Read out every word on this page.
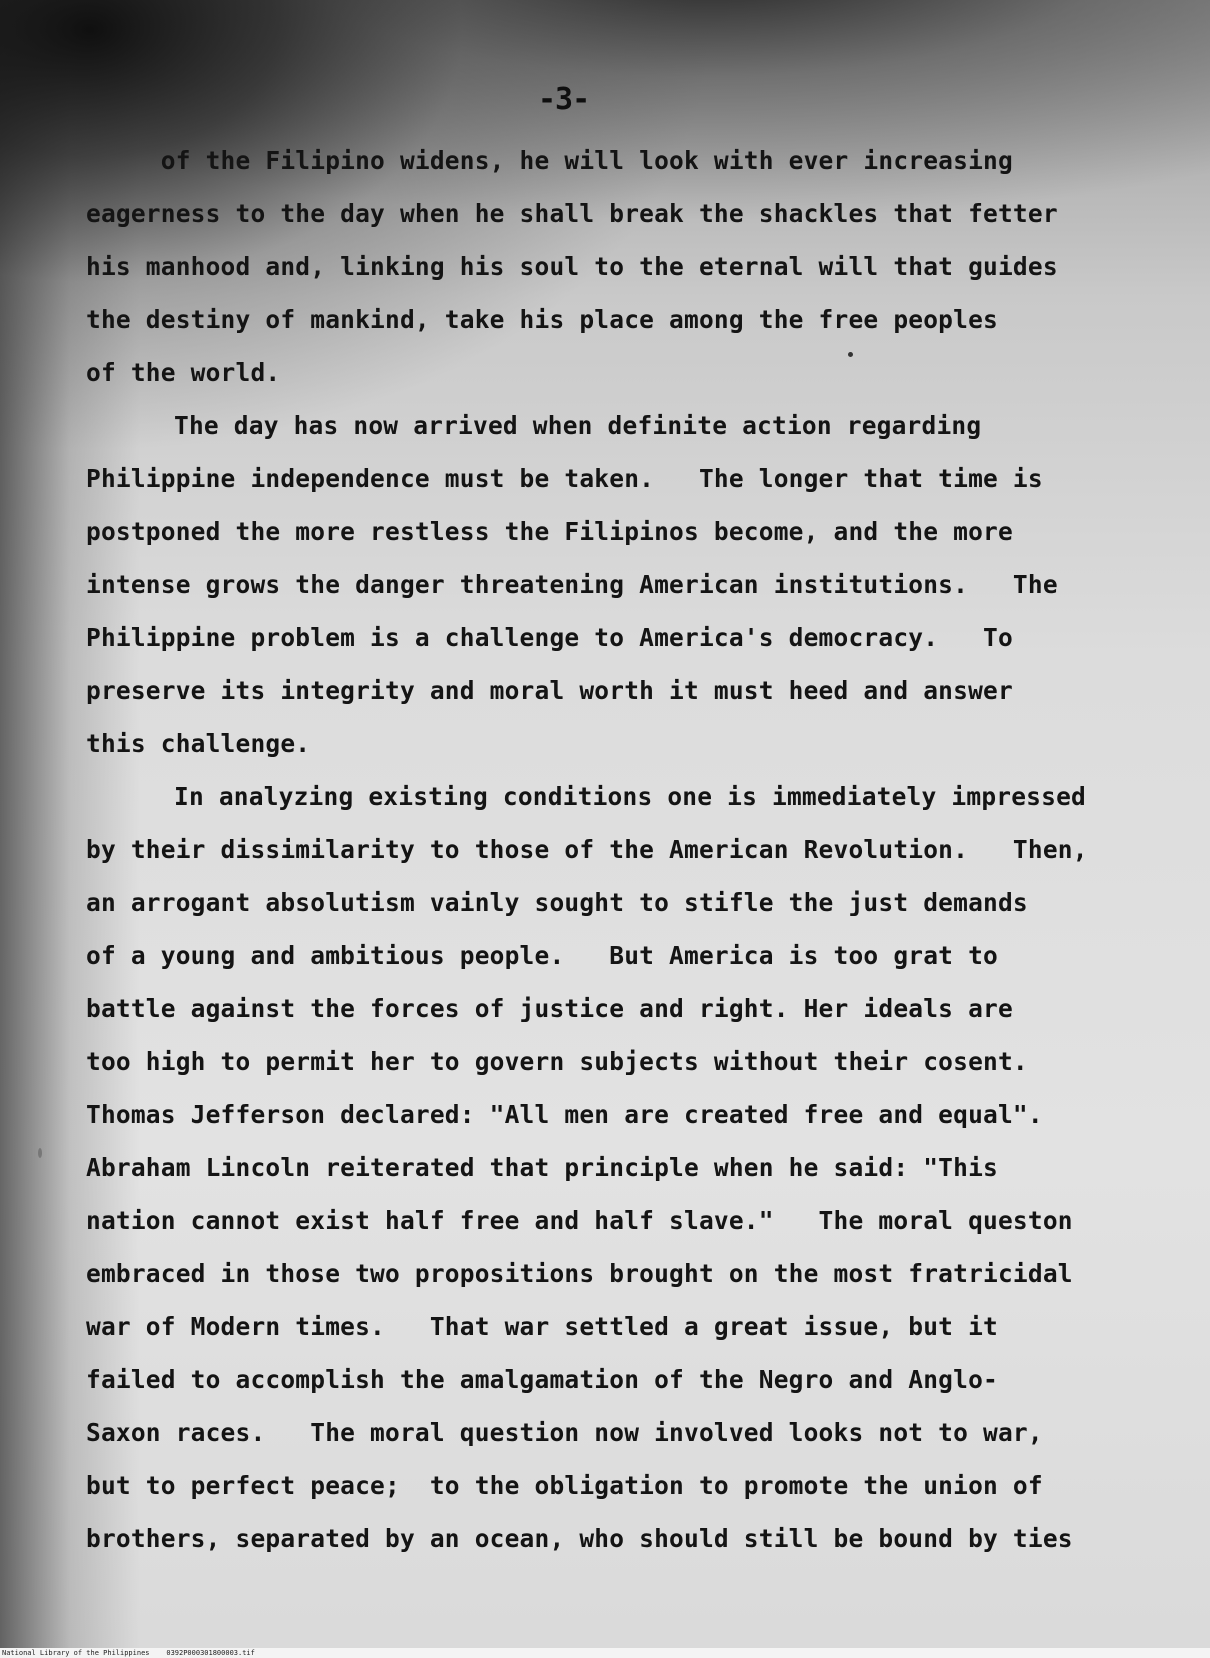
-3-
of the Filipino widens, he will look with ever increasing
eagerness to the day when he shall break the shackles that fetter
his manhood and, linking his soul to the eternal will that guides
the destiny of mankind, take his place among the free peoples
of the world.
The day has now arrived when definite action regarding
Philippine independence must be taken.   The longer that time is
postponed the more restless the Filipinos become, and the more
intense grows the danger threatening American institutions.   The
Philippine problem is a challenge to America's democracy.   To
preserve its integrity and moral worth it must heed and answer
this challenge.
In analyzing existing conditions one is immediately impressed
by their dissimilarity to those of the American Revolution.   Then,
an arrogant absolutism vainly sought to stifle the just demands
of a young and ambitious people.   But America is too grat to
battle against the forces of justice and right. Her ideals are
too high to permit her to govern subjects without their cosent.
Thomas Jefferson declared: "All men are created free and equal".
Abraham Lincoln reiterated that principle when he said: "This
nation cannot exist half free and half slave."   The moral queston
embraced in those two propositions brought on the most fratricidal
war of Modern times.   That war settled a great issue, but it
failed to accomplish the amalgamation of the Negro and Anglo-
Saxon races.   The moral question now involved looks not to war,
but to perfect peace;  to the obligation to promote the union of
brothers, separated by an ocean, who should still be bound by ties
National Library of the Philippines    0392P000301800003.tif
